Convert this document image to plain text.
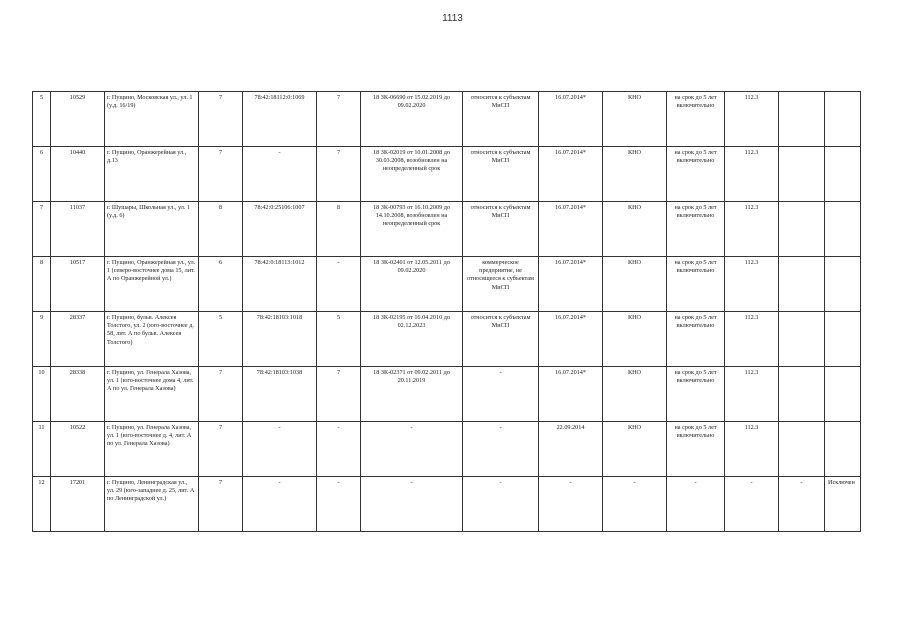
1113
5	10529	г. Пущино, Московская ул., ул. 1 (у.д. 16/19)	7	78:42:18112:0:1069	7	18 ЗК-06690 от 15.02.2019 до 09.02.2020	относится к субъектам МиСП	16.07.2014*	КНО	на срок до 5 лет включительно	112.3		
6	10440	г. Пущино, Оранжерейная ул., д.13	7	-	7	18 ЗК-02019 от 10.01.2008 до 30.03.2008, возобновлен на неопределенный срок	относится к субъектам МиСП	16.07.2014*	КНО	на срок до 5 лет включительно	112.3		
7	11037	г. Шушары, Школьная ул., ул. 1 (у.д. 6)	8	78:42:0:25106:1007	8	18 ЗК-00793 от 16.10.2009 до 14.10.2008, возобновлен на неопределенный срок	относится к субъектам МиСП	16.07.2014*	КНО	на срок до 5 лет включительно	112.3		
8	10517	г. Пущино, Оранжерейная ул., ул. 1 (северо-восточнее дома 15, лит. А по Оранжерейной ул.)	6	78:42:0:18113:1012	-	18 ЗК-02401 от 12.05.2011 до 09.02.2020	коммерческое предприятие, не относящееся к субъектам МиСП	16.07.2014*	КНО	на срок до 5 лет включительно	112.3		
9	28337	г. Пущино, бульв. Алексея Толстого, ул. 2 (юго-восточнее д. 58, лит. А по бульв. Алексея Толстого)	5	78:42:18103:1018	5	18 ЗК-02195 от 16.04.2010 до 02.12.2023	относится к субъектам МиСП	16.07.2014*	КНО	на срок до 5 лет включительно	112.3		
10	28338	г. Пущино, ул. Генерала Хазова, ул. 1 (юго-восточнее дома 4, лит. А по ул. Генерала Хазова)	7	78:42:18103:1038	7	18 ЗК-02371 от 09.02.2011 до 20.11.2019	-	16.07.2014*	КНО	на срок до 5 лет включительно	112.3		
11	10522	г. Пущино, ул. Генерала Хазова, ул. 1 (юго-восточнее д. 4, лит. А по ул. Генерала Хазова)	7	-	-	-	-	22.09.2014	КНО	на срок до 5 лет включительно	112.3		
12	17201	г. Пущино, Ленинградская ул., ул. 29 (юго-западнее д. 25, лит. А по Ленинградской ул.)	7	-	-	-	-	-	-	-	-	-	Исключен
